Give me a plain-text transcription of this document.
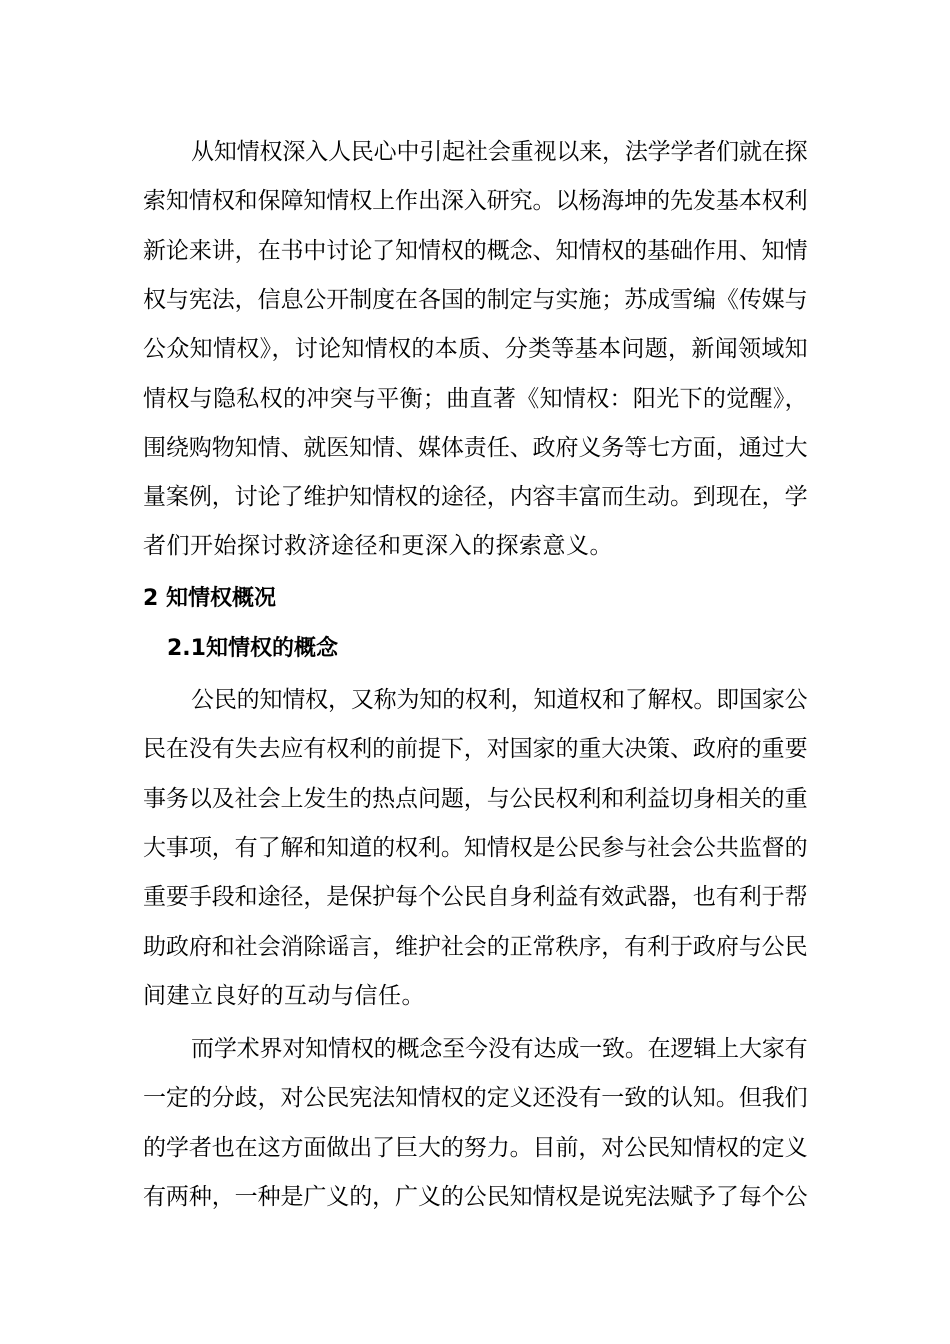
从知情权深入人民心中引起社会重视以来，法学学者们就在探
索知情权和保障知情权上作出深入研究。以杨海坤的先发基本权利
新论来讲，在书中讨论了知情权的概念、知情权的基础作用、知情
权与宪法，信息公开制度在各国的制定与实施；苏成雪编《传媒与
公众知情权》，讨论知情权的本质、分类等基本问题，新闻领域知
情权与隐私权的冲突与平衡；曲直著《知情权：阳光下的觉醒》，
围绕购物知情、就医知情、媒体责任、政府义务等七方面，通过大
量案例，讨论了维护知情权的途径，内容丰富而生动。到现在，学
者们开始探讨救济途径和更深入的探索意义。
2 知情权概况
2.1知情权的概念
公民的知情权，又称为知的权利，知道权和了解权。即国家公
民在没有失去应有权利的前提下，对国家的重大决策、政府的重要
事务以及社会上发生的热点问题，与公民权利和利益切身相关的重
大事项，有了解和知道的权利。知情权是公民参与社会公共监督的
重要手段和途径，是保护每个公民自身利益有效武器，也有利于帮
助政府和社会消除谣言，维护社会的正常秩序，有利于政府与公民
间建立良好的互动与信任。
而学术界对知情权的概念至今没有达成一致。在逻辑上大家有
一定的分歧，对公民宪法知情权的定义还没有一致的认知。但我们
的学者也在这方面做出了巨大的努力。目前，对公民知情权的定义
有两种，一种是广义的，广义的公民知情权是说宪法赋予了每个公
